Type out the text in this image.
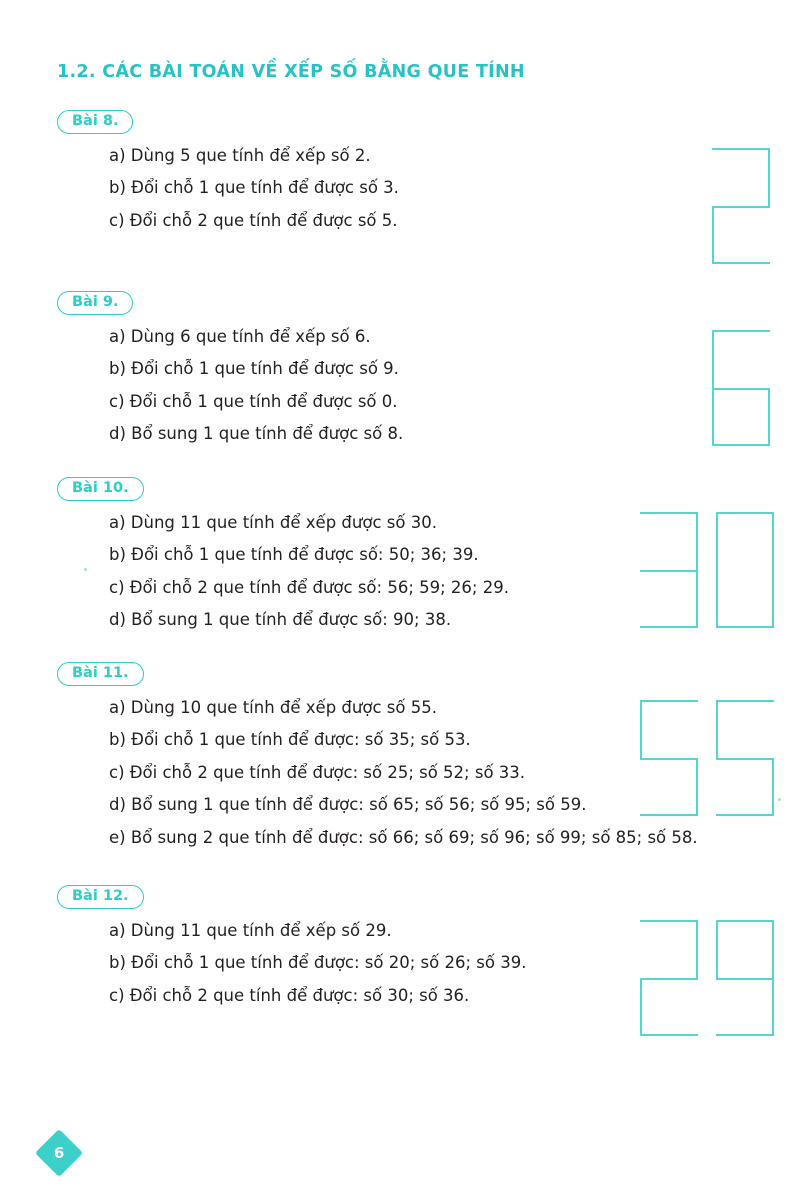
1.2. CÁC BÀI TOÁN VỀ XẾP SỐ BẰNG QUE TÍNH
Bài 8.
a) Dùng 5 que tính để xếp số 2.
b) Đổi chỗ 1 que tính để được số 3.
c) Đổi chỗ 2 que tính để được số 5.
Bài 9.
a) Dùng 6 que tính để xếp số 6.
b) Đổi chỗ 1 que tính để được số 9.
c) Đổi chỗ 1 que tính để được số 0.
d) Bổ sung 1 que tính để được số 8.
Bài 10.
a) Dùng 11 que tính để xếp được số 30.
b) Đổi chỗ 1 que tính để được số: 50; 36; 39.
c) Đổi chỗ 2 que tính để được số: 56; 59; 26; 29.
d) Bổ sung 1 que tính để được số: 90; 38.
Bài 11.
a) Dùng 10 que tính để xếp được số 55.
b) Đổi chỗ 1 que tính để được: số 35; số 53.
c) Đổi chỗ 2 que tính để được: số 25; số 52; số 33.
d) Bổ sung 1 que tính để được: số 65; số 56; số 95; số 59.
e) Bổ sung 2 que tính để được: số 66; số 69; số 96; số 99; số 85; số 58.
Bài 12.
a) Dùng 11 que tính để xếp số 29.
b) Đổi chỗ 1 que tính để được: số 20; số 26; số 39.
c) Đổi chỗ 2 que tính để được: số 30; số 36.
6
